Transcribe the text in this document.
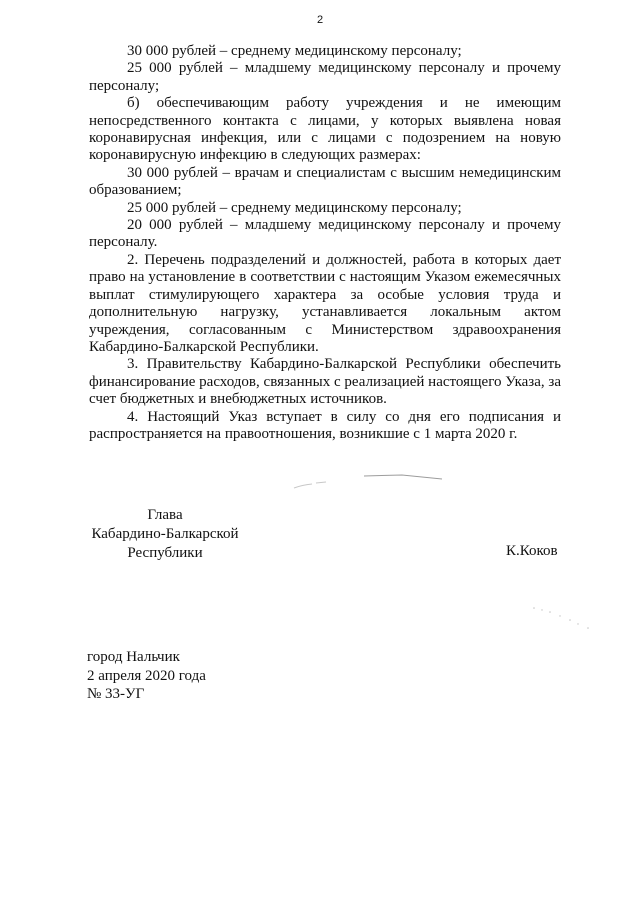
2

30 000 рублей – среднему медицинскому персоналу;

25 000 рублей – младшему медицинскому персоналу и прочему персоналу;

б) обеспечивающим работу учреждения и не имеющим непосредственного контакта с лицами, у которых выявлена новая коронавирусная инфекция, или с лицами с подозрением на новую коронавирусную инфекцию в следующих размерах:

30 000 рублей – врачам и специалистам с высшим немедицинским образованием;

25 000 рублей – среднему медицинскому персоналу;

20 000 рублей – младшему медицинскому персоналу и прочему персоналу.

2. Перечень подразделений и должностей, работа в которых дает право на установление в соответствии с настоящим Указом ежемесячных выплат стимулирующего характера за особые условия труда и дополнительную нагрузку, устанавливается локальным актом учреждения, согласованным с Министерством здравоохранения Кабардино-Балкарской Республики.

3. Правительству Кабардино-Балкарской Республики обеспечить финансирование расходов, связанных с реализацией настоящего Указа, за счет бюджетных и внебюджетных источников.

4. Настоящий Указ вступает в силу со дня его подписания и распространяется на правоотношения, возникшие с 1 марта 2020 г.

Глава
Кабардино-Балкарской
Республики	К.Коков
город Нальчик
2 апреля 2020 года
№ 33-УГ
